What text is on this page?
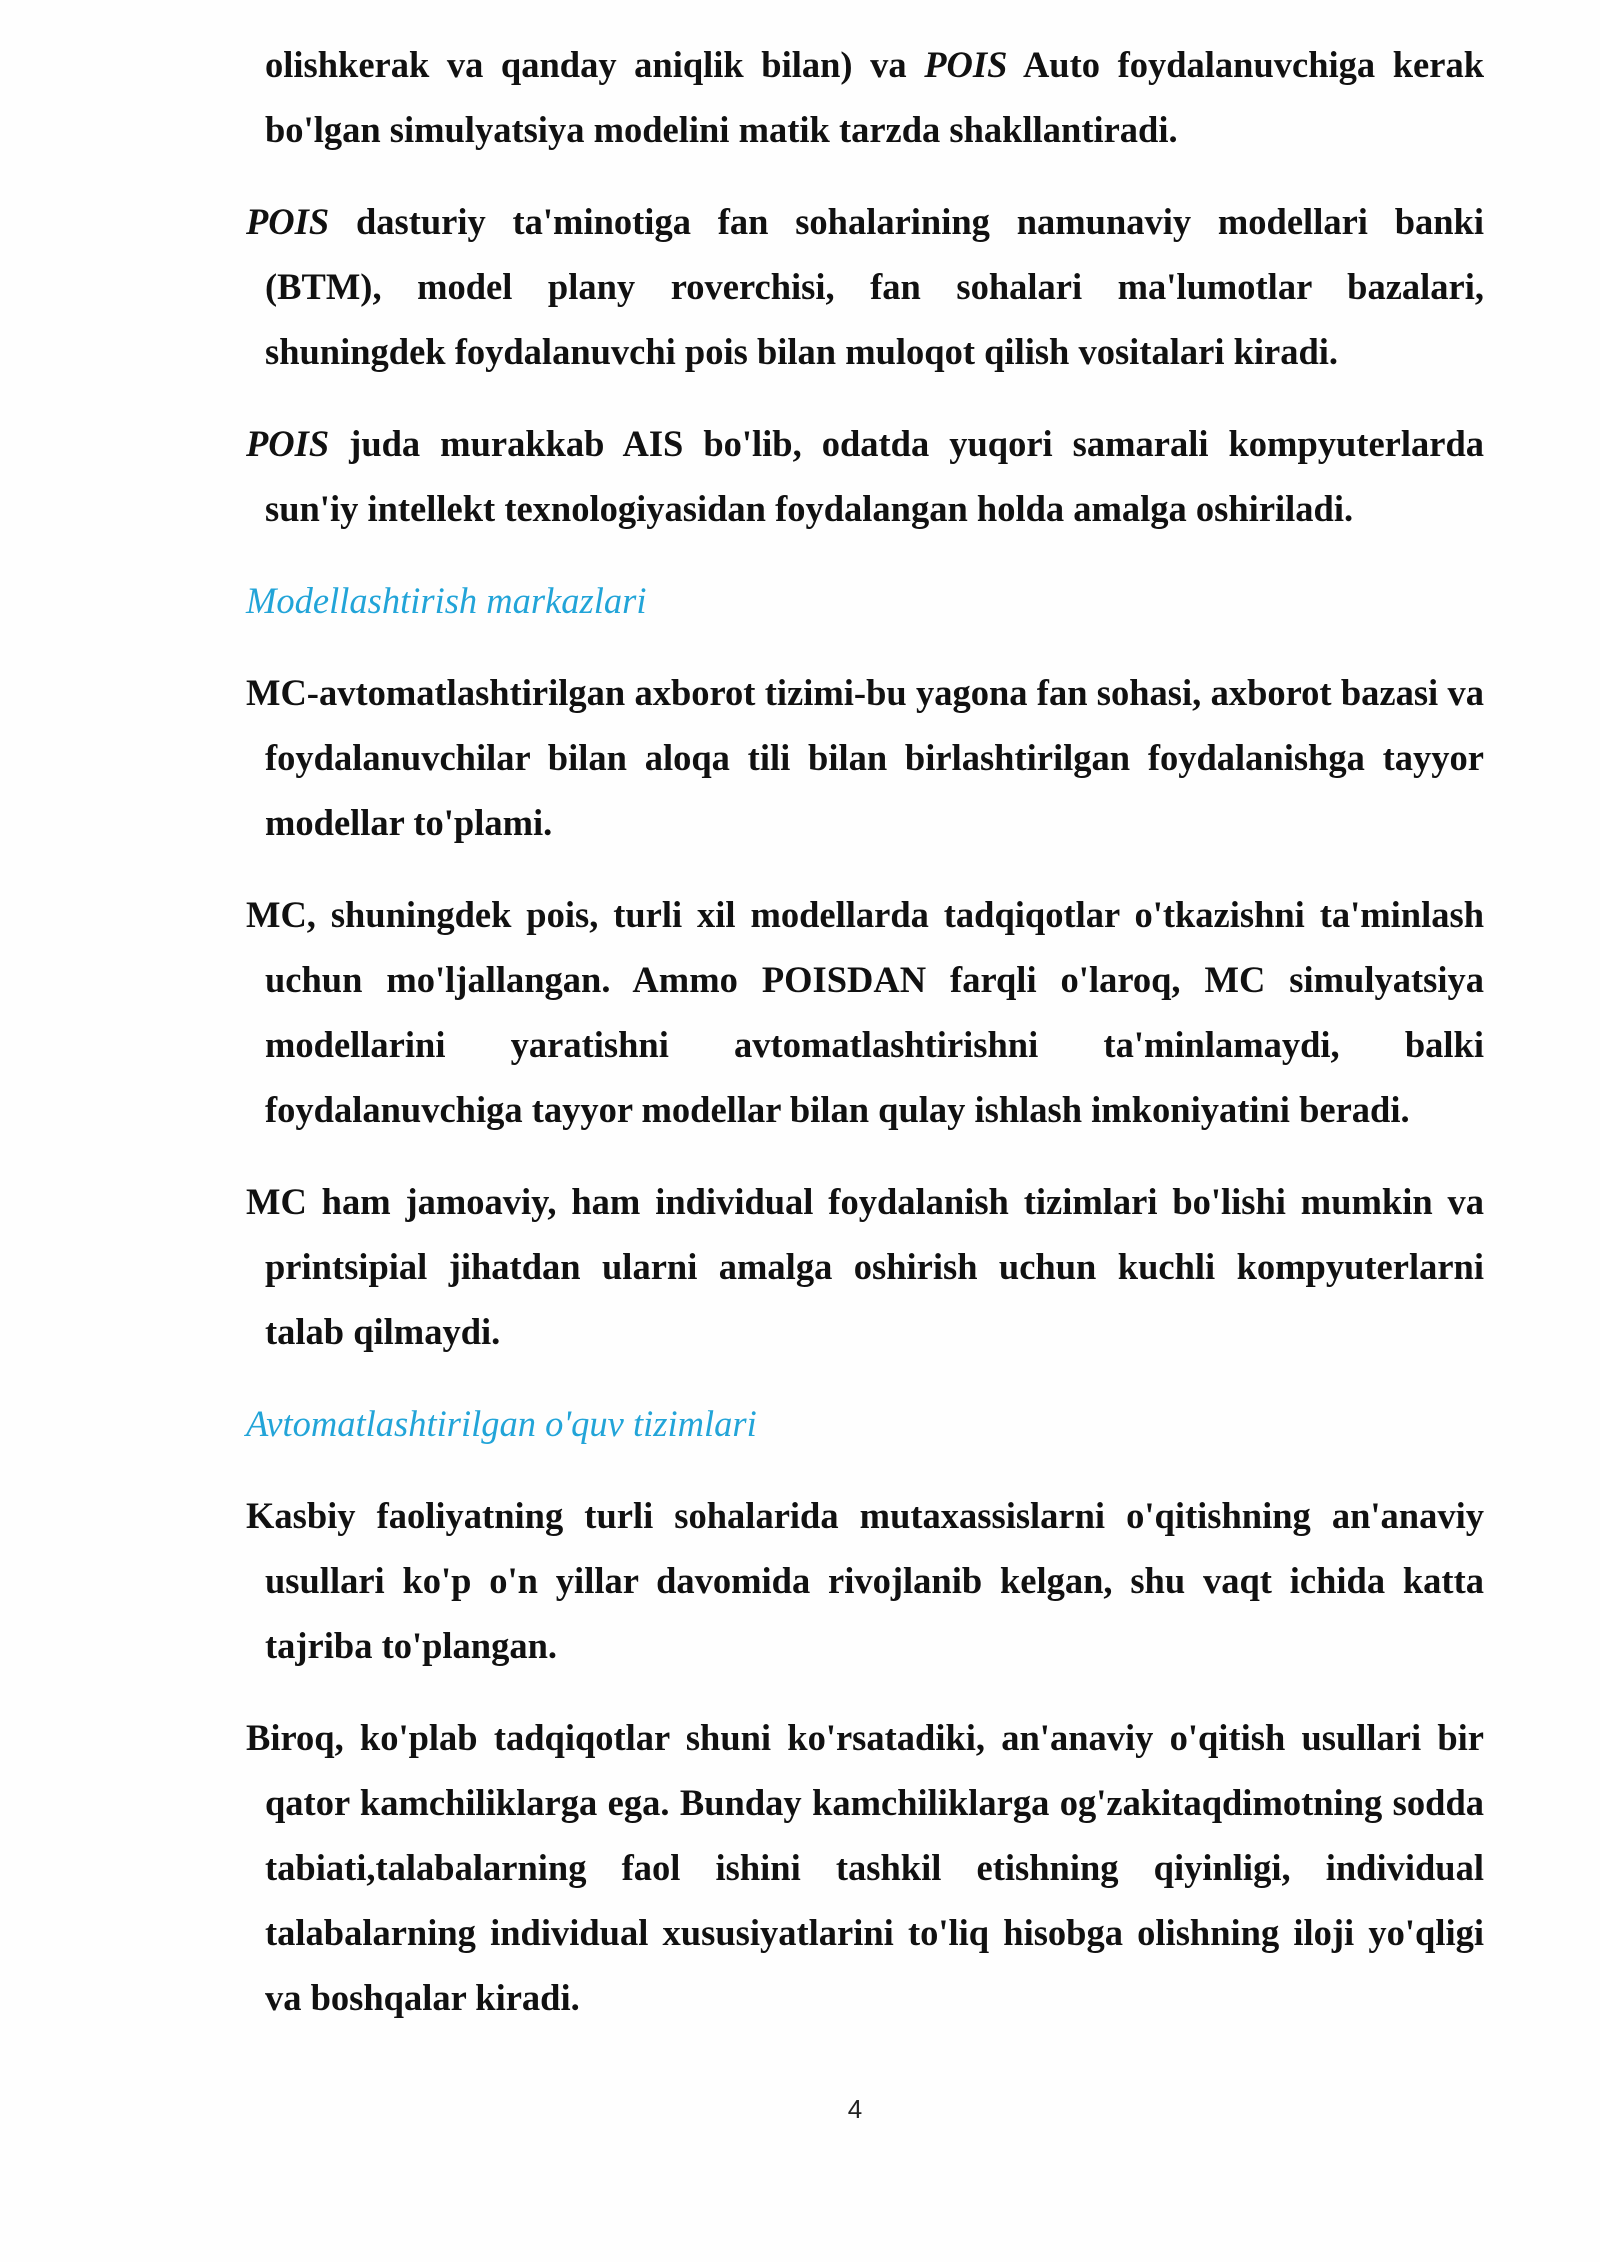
olishkerak va qanday aniqlik bilan) va POIS Auto foydalanuvchiga kerak bo'lgan simulyatsiya modelini matik tarzda shakllantiradi.

POIS dasturiy ta'minotiga fan sohalarining namunaviy modellari banki (BTM), model plany roverchisi, fan sohalari ma'lumotlar bazalari, shuningdek foydalanuvchi pois bilan muloqot qilish vositalari kiradi.

POIS juda murakkab AIS bo'lib, odatda yuqori samarali kompyuterlarda sun'iy intellekt texnologiyasidan foydalangan holda amalga oshiriladi.

Modellashtirish markazlari

MC-avtomatlashtirilgan axborot tizimi-bu yagona fan sohasi, axborot bazasi va foydalanuvchilar bilan aloqa tili bilan birlashtirilgan foydalanishga tayyor modellar to'plami.

MC, shuningdek pois, turli xil modellarda tadqiqotlar o'tkazishni ta'minlash uchun mo'ljallangan. Ammo POISDAN farqli o'laroq, MC simulyatsiya modellarini yaratishni avtomatlashtirishni ta'minlamaydi, balki foydalanuvchiga tayyor modellar bilan qulay ishlash imkoniyatini beradi.

MC ham jamoaviy, ham individual foydalanish tizimlari bo'lishi mumkin va printsipial jihatdan ularni amalga oshirish uchun kuchli kompyuterlarni talab qilmaydi.

Avtomatlashtirilgan o'quv tizimlari

Kasbiy faoliyatning turli sohalarida mutaxassislarni o'qitishning an'anaviy usullari ko'p o'n yillar davomida rivojlanib kelgan, shu vaqt ichida katta tajriba to'plangan.

Biroq, ko'plab tadqiqotlar shuni ko'rsatadiki, an'anaviy o'qitish usullari bir qator kamchiliklarga ega. Bunday kamchiliklarga og'zakitaqdimotning sodda tabiati,talabalarning faol ishini tashkil etishning qiyinligi, individual talabalarning individual xususiyatlarini to'liq hisobga olishning iloji yo'qligi va boshqalar kiradi.

4
